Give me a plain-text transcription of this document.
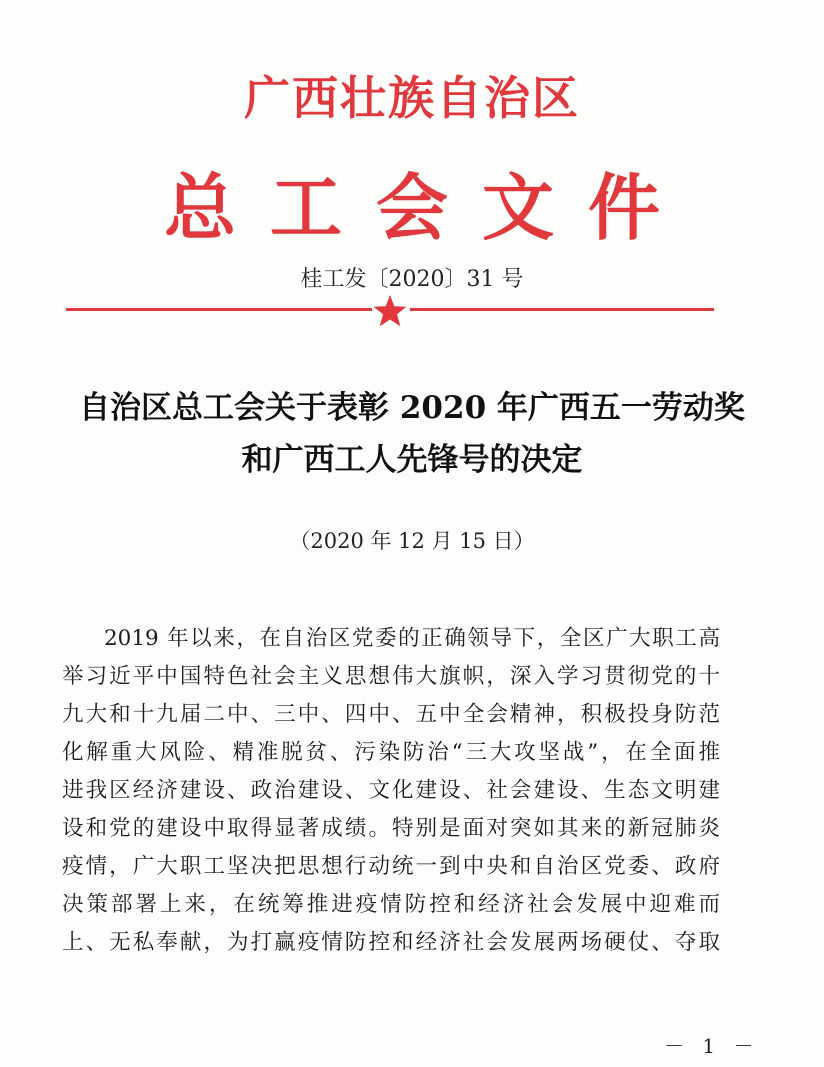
广西壮族自治区
总工会文件
桂工发〔2020〕31 号
自治区总工会关于表彰 2020 年广西五一劳动奖
和广西工人先锋号的决定
（2020 年 12 月 15 日）
2019 年以来，在自治区党委的正确领导下，全区广大职工高
举习近平中国特色社会主义思想伟大旗帜，深入学习贯彻党的十
九大和十九届二中、三中、四中、五中全会精神，积极投身防范
化解重大风险、精准脱贫、污染防治“三大攻坚战”，在全面推
进我区经济建设、政治建设、文化建设、社会建设、生态文明建
设和党的建设中取得显著成绩。特别是面对突如其来的新冠肺炎
疫情，广大职工坚决把思想行动统一到中央和自治区党委、政府
决策部署上来，在统筹推进疫情防控和经济社会发展中迎难而
上、无私奉献，为打赢疫情防控和经济社会发展两场硬仗、夺取
－ 1 －
